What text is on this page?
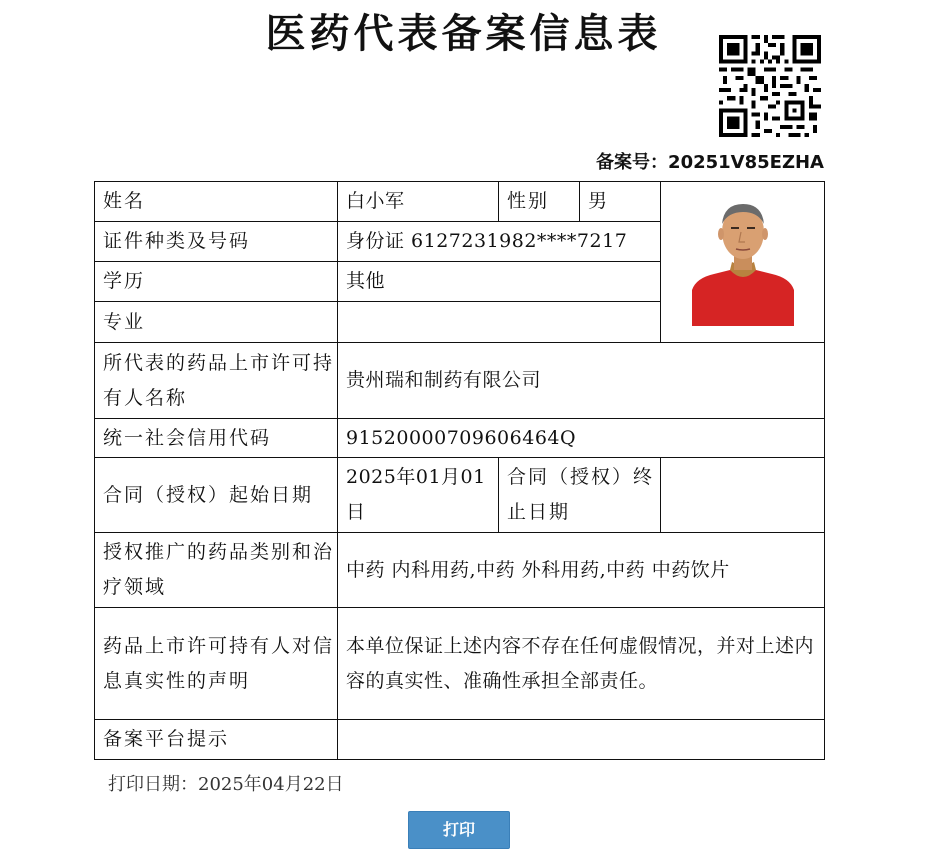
医药代表备案信息表
备案号：20251V85EZHA
姓名	白小军	性别	男	

证件种类及号码	身份证 6127231982****7217			
学历	其他			
专业				
所代表的药品上市许可持有人名称	贵州瑞和制药有限公司			
统一社会信用代码	91520000709606464Q			
合同（授权）起始日期	2025年01月01日	合同（授权）终止日期		
授权推广的药品类别和治疗领域	中药 内科用药,中药 外科用药,中药 中药饮片			
药品上市许可持有人对信息真实性的声明	本单位保证上述内容不存在任何虚假情况，并对上述内容的真实性、准确性承担全部责任。			
备案平台提示				
打印日期：2025年04月22日
打印
